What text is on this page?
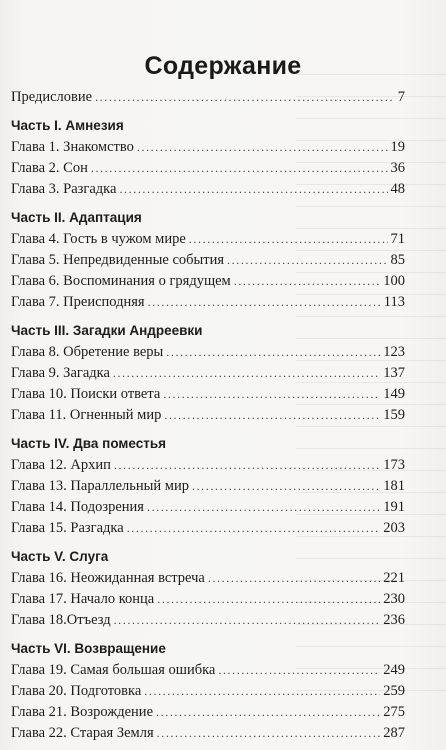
Содержание
Предисловие .....	7
Часть I. Амнезия
Глава 1. Знакомство .....	19
Глава 2. Сон .....	36
Глава 3. Разгадка .....	48
Часть II. Адаптация
Глава 4. Гость в чужом мире .....	71
Глава 5. Непредвиденные события .....	85
Глава 6. Воспоминания о грядущем .....	100
Глава 7. Преисподняя .....	113
Часть III. Загадки Андреевки
Глава 8. Обретение веры .....	123
Глава 9. Загадка .....	137
Глава 10. Поиски ответа .....	149
Глава 11. Огненный мир .....	159
Часть IV. Два поместья
Глава 12. Архип .....	173
Глава 13. Параллельный мир .....	181
Глава 14. Подозрения .....	191
Глава 15. Разгадка .....	203
Часть V. Слуга
Глава 16. Неожиданная встреча .....	221
Глава 17. Начало конца .....	230
Глава 18.Отъезд .....	236
Часть VI. Возвращение
Глава 19. Самая большая ошибка .....	249
Глава 20. Подготовка .....	259
Глава 21. Возрождение .....	275
Глава 22. Старая Земля .....	287
